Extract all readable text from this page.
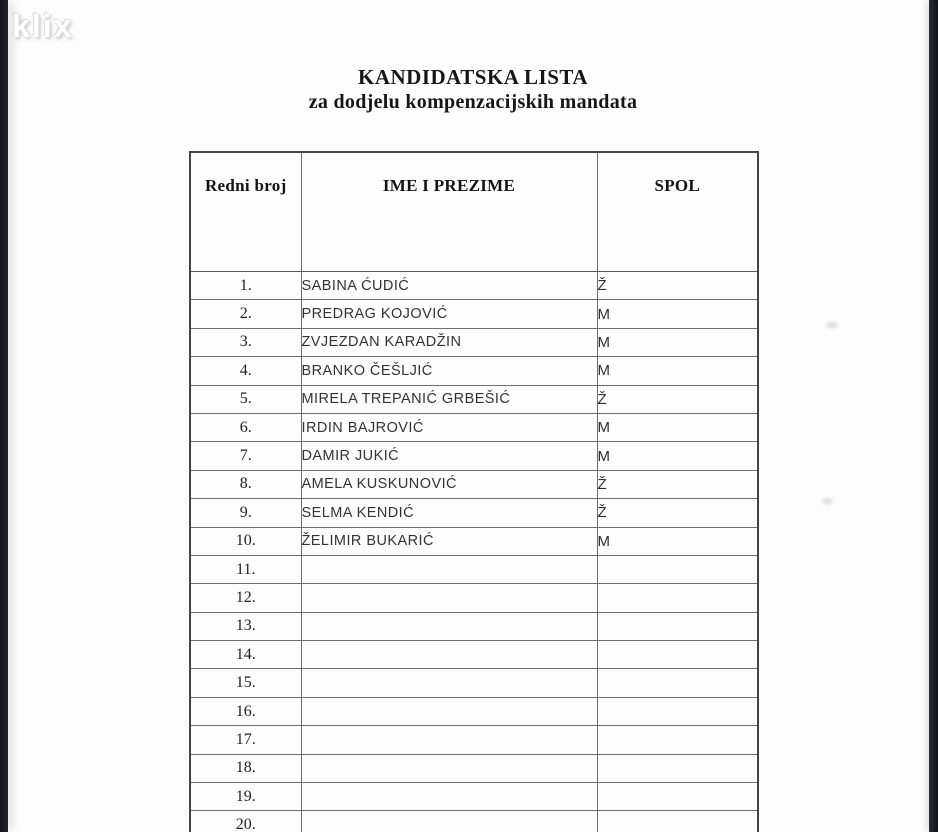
klix
KANDIDATSKA LISTA
za dodjelu kompenzacijskih mandata
Redni broj	IME I PREZIME	SPOL
1.	SABINA ĆUDIĆ	Ž
2.	PREDRAG KOJOVIĆ	M
3.	ZVJEZDAN KARADŽIN	M
4.	BRANKO ČEŠLJIĆ	M
5.	MIRELA TREPANIĆ GRBEŠIĆ	Ž
6.	IRDIN BAJROVIĆ	M
7.	DAMIR JUKIĆ	M
8.	AMELA KUSKUNOVIĆ	Ž
9.	SELMA KENDIĆ	Ž
10.	ŽELIMIR BUKARIĆ	M
11.		
12.		
13.		
14.		
15.		
16.		
17.		
18.		
19.		
20.		
